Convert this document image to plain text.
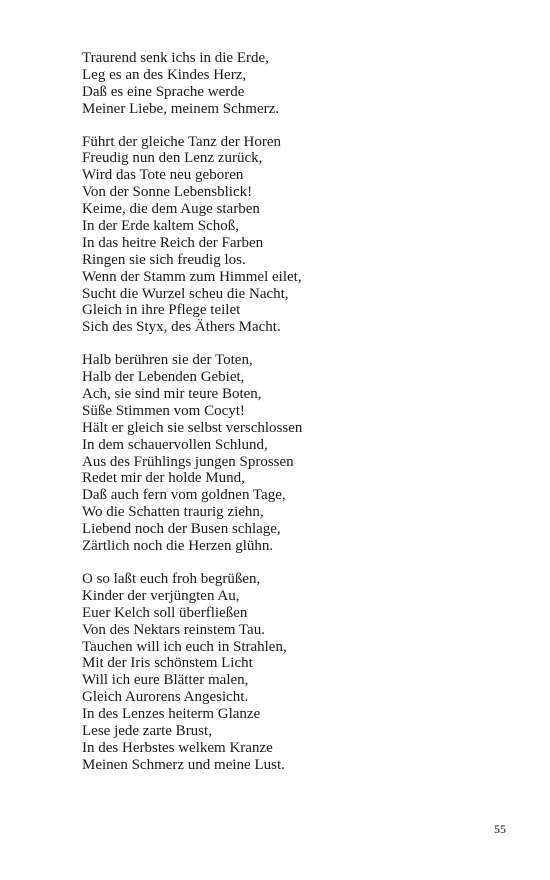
Traurend senk ichs in die Erde,
Leg es an des Kindes Herz,
Daß es eine Sprache werde
Meiner Liebe, meinem Schmerz.
Führt der gleiche Tanz der Horen
Freudig nun den Lenz zurück,
Wird das Tote neu geboren
Von der Sonne Lebensblick!
Keime, die dem Auge starben
In der Erde kaltem Schoß,
In das heitre Reich der Farben
Ringen sie sich freudig los.
Wenn der Stamm zum Himmel eilet,
Sucht die Wurzel scheu die Nacht,
Gleich in ihre Pflege teilet
Sich des Styx, des Äthers Macht.
Halb berühren sie der Toten,
Halb der Lebenden Gebiet,
Ach, sie sind mir teure Boten,
Süße Stimmen vom Cocyt!
Hält er gleich sie selbst verschlossen
In dem schauervollen Schlund,
Aus des Frühlings jungen Sprossen
Redet mir der holde Mund,
Daß auch fern vom goldnen Tage,
Wo die Schatten traurig ziehn,
Liebend noch der Busen schlage,
Zärtlich noch die Herzen glühn.
O so laßt euch froh begrüßen,
Kinder der verjüngten Au,
Euer Kelch soll überfließen
Von des Nektars reinstem Tau.
Tauchen will ich euch in Strahlen,
Mit der Iris schönstem Licht
Will ich eure Blätter malen,
Gleich Aurorens Angesicht.
In des Lenzes heiterm Glanze
Lese jede zarte Brust,
In des Herbstes welkem Kranze
Meinen Schmerz und meine Lust.
55
